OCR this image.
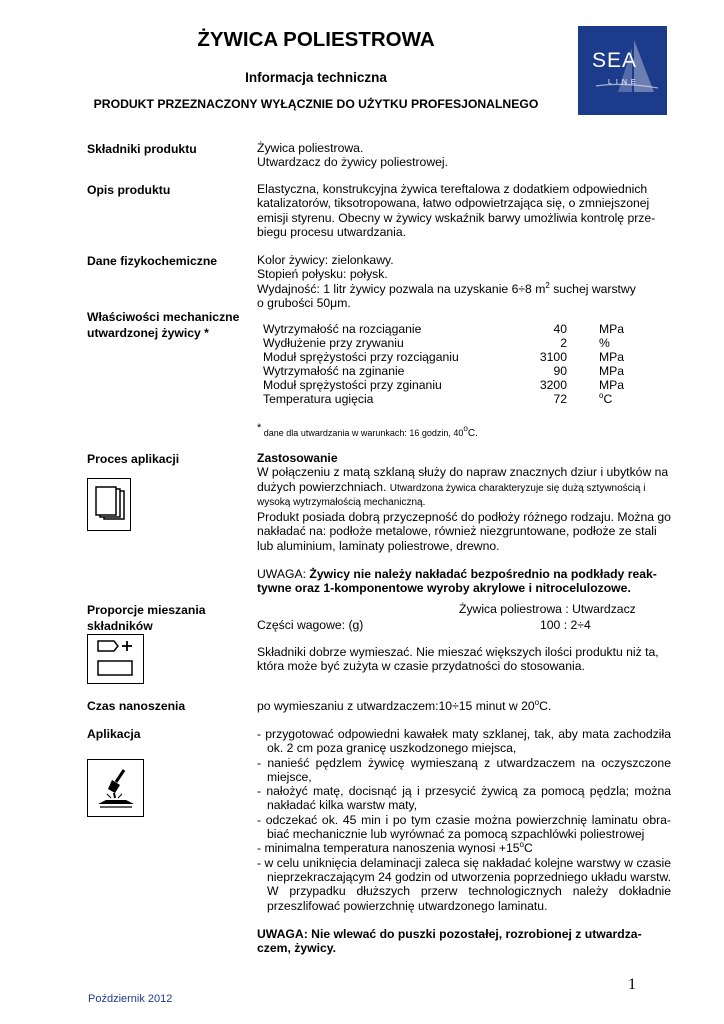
ŻYWICA POLIESTROWA
Informacja techniczna
PRODUKT PRZEZNACZONY WYŁĄCZNIE DO UŻYTKU PROFESJONALNEGO
SEA
LINE
Składniki produktu	Żywica poliestrowa.
Utwardzacz do żywicy poliestrowej.
Opis produktu	Elastyczna, konstrukcyjna żywica tereftalowa z dodatkiem odpowiednich
katalizatorów, tiksotropowana, łatwo odpowietrzająca się, o zmniejszonej
emisji styrenu. Obecny w żywicy wskaźnik barwy umożliwia kontrolę prze-
biegu procesu utwardzania.
Dane fizykochemiczne	Kolor żywicy: zielonkawy.
Stopień połysku: połysk.
Wydajność: 1 litr żywicy pozwala na uzyskanie 6÷8 $m^2$ suchej warstwy
o grubości 50μm.
Właściwości mechaniczne
utwardzonej żywicy *	Wytrzymałość na rozciąganie	40	MPa
Wydłużenie przy zrywaniu	2	%
Moduł sprężystości przy rozciąganiu	3100	MPa
Wytrzymałość na zginanie	90	MPa
Moduł sprężystości przy zginaniu	3200	MPa
Temperatura ugięcia	72	$^o$C
* dane dla utwardzania w warunkach: 16 godzin, 40$^o$C.
Proces aplikacji	Zastosowanie
W połączeniu z matą szklaną służy do napraw znacznych dziur i ubytków na
dużych powierzchniach. Utwardzona żywica charakteryzuje się dużą sztywnością i
wysoką wytrzymałością mechaniczną.
Produkt posiada dobrą przyczepność do podłoży różnego rodzaju. Można go
nakładać na: podłoże metalowe, również niezgruntowane, podłoże ze stali
lub aluminium, laminaty poliestrowe, drewno.
UWAGA: Żywicy nie należy nakładać bezpośrednio na podkłady reak-
tywne oraz 1-komponentowe wyroby akrylowe i nitrocelulozowe.
Proporcje mieszania
składników
Żywica poliestrowa : Utwardzacz
Części wagowe: (g)	100 : 2÷4
Składniki dobrze wymieszać. Nie mieszać większych ilości produktu niż ta,
która może być zużyta w czasie przydatności do stosowania.
Czas nanoszenia	po wymieszaniu z utwardzaczem:10÷15 minut w 20$^o$C.
Aplikacja	- przygotować odpowiedni kawałek maty szklanej, tak, aby mata zachodziła ok. 2 cm poza granicę uszkodzonego miejsca,
- nanieść pędzlem żywicę wymieszaną z utwardzaczem na oczyszczone miejsce,
- nałożyć matę, docisnąć ją i przesycić żywicą za pomocą pędzla; można nakładać kilka warstw maty,
- odczekać ok. 45 min i po tym czasie można powierzchnię laminatu obra- biać mechanicznie lub wyrównać za pomocą szpachlówki poliestrowej
- minimalna temperatura nanoszenia wynosi $+15^oC$
- w celu uniknięcia delaminacji zaleca się nakładać kolejne warstwy w czasie nieprzekraczającym 24 godzin od utworzenia poprzedniego układu warstw. W przypadku dłuższych przerw technologicznych należy dokładnie przeszlifować powierzchnię utwardzonego laminatu.
UWAGA: Nie wlewać do puszki pozostałej, rozrobionej z utwardza-
czem, żywicy.
1
Poździernik 2012
